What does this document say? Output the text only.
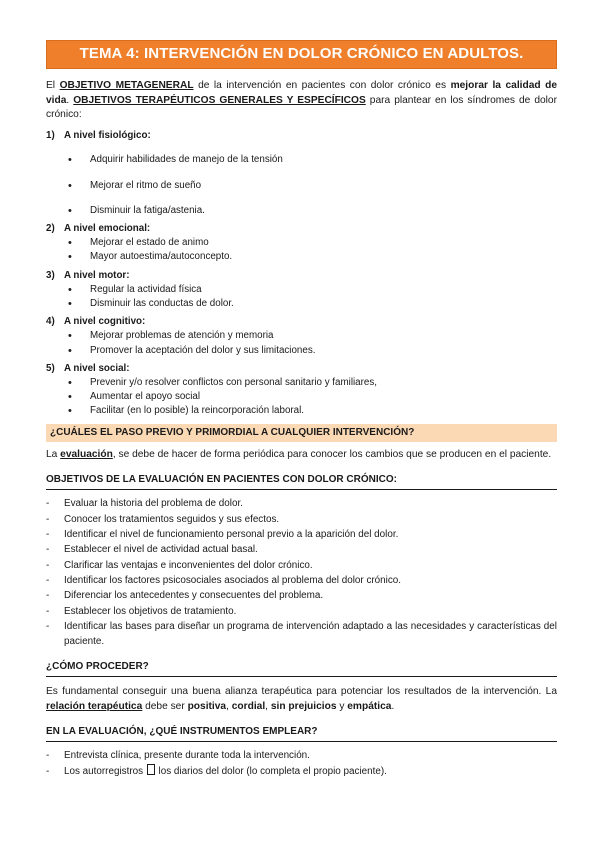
TEMA 4: INTERVENCIÓN EN DOLOR CRÓNICO EN ADULTOS.

El OBJETIVO METAGENERAL de la intervención en pacientes con dolor crónico es mejorar la calidad de vida. OBJETIVOS TERAPÉUTICOS GENERALES Y ESPECÍFICOS para plantear en los síndromes de dolor crónico:

1) A nivel fisiológico:
• Adquirir habilidades de manejo de la tensión
• Mejorar el ritmo de sueño
• Disminuir la fatiga/astenia.
2) A nivel emocional:
• Mejorar el estado de animo
• Mayor autoestima/autoconcepto.
3) A nivel motor:
• Regular la actividad física
• Disminuir las conductas de dolor.
4) A nivel cognitivo:
• Mejorar problemas de atención y memoria
• Promover la aceptación del dolor y sus limitaciones.
5) A nivel social:
• Prevenir y/o resolver conflictos con personal sanitario y familiares,
• Aumentar el apoyo social
• Facilitar (en lo posible) la reincorporación laboral.
¿CUÁLES EL PASO PREVIO Y PRIMORDIAL A CUALQUIER INTERVENCIÓN?

La evaluación, se debe de hacer de forma periódica para conocer los cambios que se producen en el paciente.

OBJETIVOS DE LA EVALUACIÓN EN PACIENTES CON DOLOR CRÓNICO:
- Evaluar la historia del problema de dolor.
- Conocer los tratamientos seguidos y sus efectos.
- Identificar el nivel de funcionamiento personal previo a la aparición del dolor.
- Establecer el nivel de actividad actual basal.
- Clarificar las ventajas e inconvenientes del dolor crónico.
- Identificar los factores psicosociales asociados al problema del dolor crónico.
- Diferenciar los antecedentes y consecuentes del problema.
- Establecer los objetivos de tratamiento.
- Identificar las bases para diseñar un programa de intervención adaptado a las necesidades y características del paciente.
¿CÓMO PROCEDER?

Es fundamental conseguir una buena alianza terapéutica para potenciar los resultados de la intervención. La relación terapéutica debe ser positiva, cordial, sin prejuicios y empática.

EN LA EVALUACIÓN, ¿QUÉ INSTRUMENTOS EMPLEAR?
- Entrevista clínica, presente durante toda la intervención.
- Los autorregistros  los diarios del dolor (lo completa el propio paciente).
